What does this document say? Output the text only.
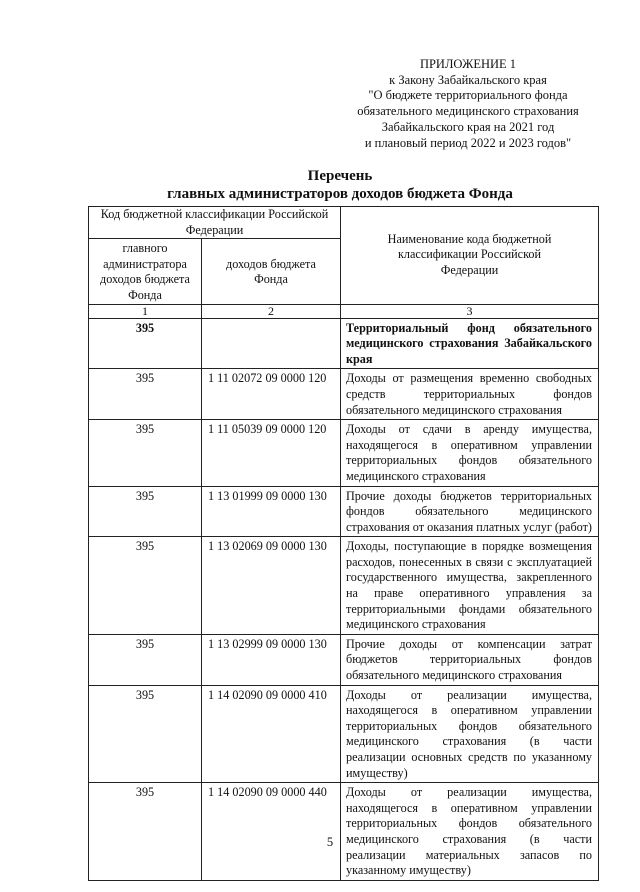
ПРИЛОЖЕНИЕ 1
к Закону Забайкальского края
"О бюджете территориального фонда
обязательного медицинского страхования
Забайкальского края на 2021 год
и плановый период 2022 и 2023 годов"
Перечень
главных администраторов доходов бюджета Фонда
Код бюджетной классификации Российской Федерации		Наименование кода бюджетной классификации Российской Федерации

главного администратора доходов бюджета Фонда	доходов бюджета Фонда	

1	2	3
395		Территориальный фонд обязательного медицинского страхования Забайкальского края
395	1 11 02072 09 0000 120	Доходы от размещения временно свободных средств территориальных фондов обязательного медицинского страхования
395	1 11 05039 09 0000 120	Доходы от сдачи в аренду имущества, находящегося в оперативном управлении территориальных фондов обязательного медицинского страхования
395	1 13 01999 09 0000 130	Прочие доходы бюджетов территориальных фондов обязательного медицинского страхования от оказания платных услуг (работ)
395	1 13 02069 09 0000 130	Доходы, поступающие в порядке возмещения расходов, понесенных в связи с эксплуатацией государственного имущества, закрепленного на праве оперативного управления за территориальными фондами обязательного медицинского страхования
395	1 13 02999 09 0000 130	Прочие доходы от компенсации затрат бюджетов территориальных фондов обязательного медицинского страхования
395	1 14 02090 09 0000 410	Доходы от реализации имущества, находящегося в оперативном управлении территориальных фондов обязательного медицинского страхования (в части реализации основных средств по указанному имуществу)
395	1 14 02090 09 0000 440	Доходы от реализации имущества, находящегося в оперативном управлении территориальных фондов обязательного медицинского страхования (в части реализации материальных запасов по указанному имуществу)
5
